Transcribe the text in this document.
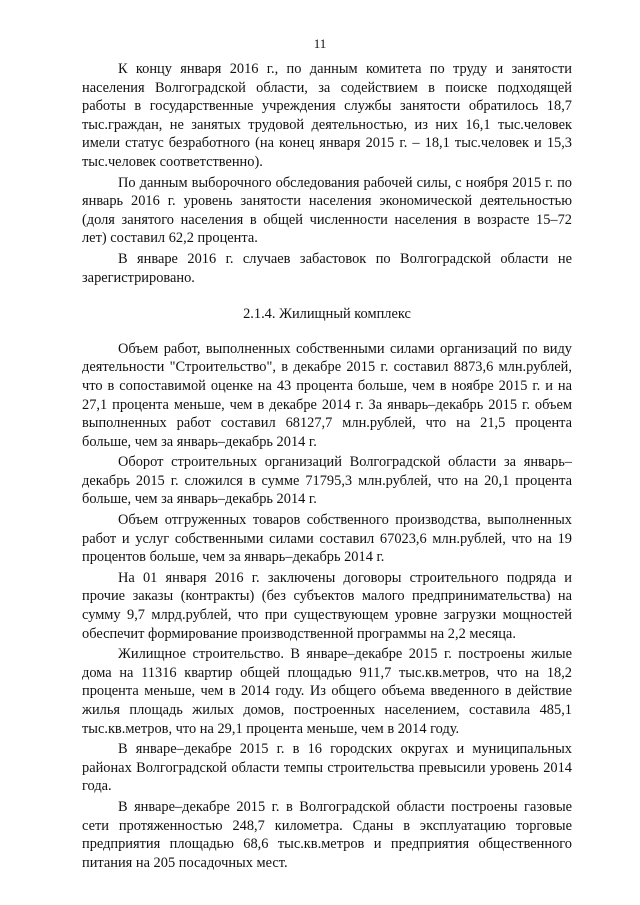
11

К концу января 2016 г., по данным комитета по труду и занятости населения Волгоградской области, за содействием в поиске подходящей работы в государственные учреждения службы занятости обратилось 18,7 тыс.граждан, не занятых трудовой деятельностью, из них 16,1 тыс.человек имели статус безработного (на конец января 2015 г. – 18,1 тыс.человек и 15,3 тыс.человек соответственно).

По данным выборочного обследования рабочей силы, с ноября 2015 г. по январь 2016 г. уровень занятости населения экономической деятельностью (доля занятого населения в общей численности населения в возрасте 15–72 лет) составил 62,2 процента.

В январе 2016 г. случаев забастовок по Волгоградской области не зарегистрировано.

2.1.4. Жилищный комплекс

Объем работ, выполненных собственными силами организаций по виду деятельности "Строительство", в декабре 2015 г. составил 8873,6 млн.рублей, что в сопоставимой оценке на 43 процента больше, чем в ноябре 2015 г. и на 27,1 процента меньше, чем в декабре 2014 г. За январь–декабрь 2015 г. объем выполненных работ составил 68127,7 млн.рублей, что на 21,5 процента больше, чем за январь–декабрь 2014 г.

Оборот строительных организаций Волгоградской области за январь–декабрь 2015 г. сложился в сумме 71795,3 млн.рублей, что на 20,1 процента больше, чем за январь–декабрь 2014 г.

Объем отгруженных товаров собственного производства, выполненных работ и услуг собственными силами составил 67023,6 млн.рублей, что на 19 процентов больше, чем за январь–декабрь 2014 г.

На 01 января 2016 г. заключены договоры строительного подряда и прочие заказы (контракты) (без субъектов малого предпринимательства) на сумму 9,7 млрд.рублей, что при существующем уровне загрузки мощностей обеспечит формирование производственной программы на 2,2 месяца.

Жилищное строительство. В январе–декабре 2015 г. построены жилые дома на 11316 квартир общей площадью 911,7 тыс.кв.метров, что на 18,2 процента меньше, чем в 2014 году. Из общего объема введенного в действие жилья площадь жилых домов, построенных населением, составила 485,1 тыс.кв.метров, что на 29,1 процента меньше, чем в 2014 году.

В январе–декабре 2015 г. в 16 городских округах и муниципальных районах Волгоградской области темпы строительства превысили уровень 2014 года.

В январе–декабре 2015 г. в Волгоградской области построены газовые сети протяженностью 248,7 километра. Сданы в эксплуатацию торговые предприятия площадью 68,6 тыс.кв.метров и предприятия общественного питания на 205 посадочных мест.
